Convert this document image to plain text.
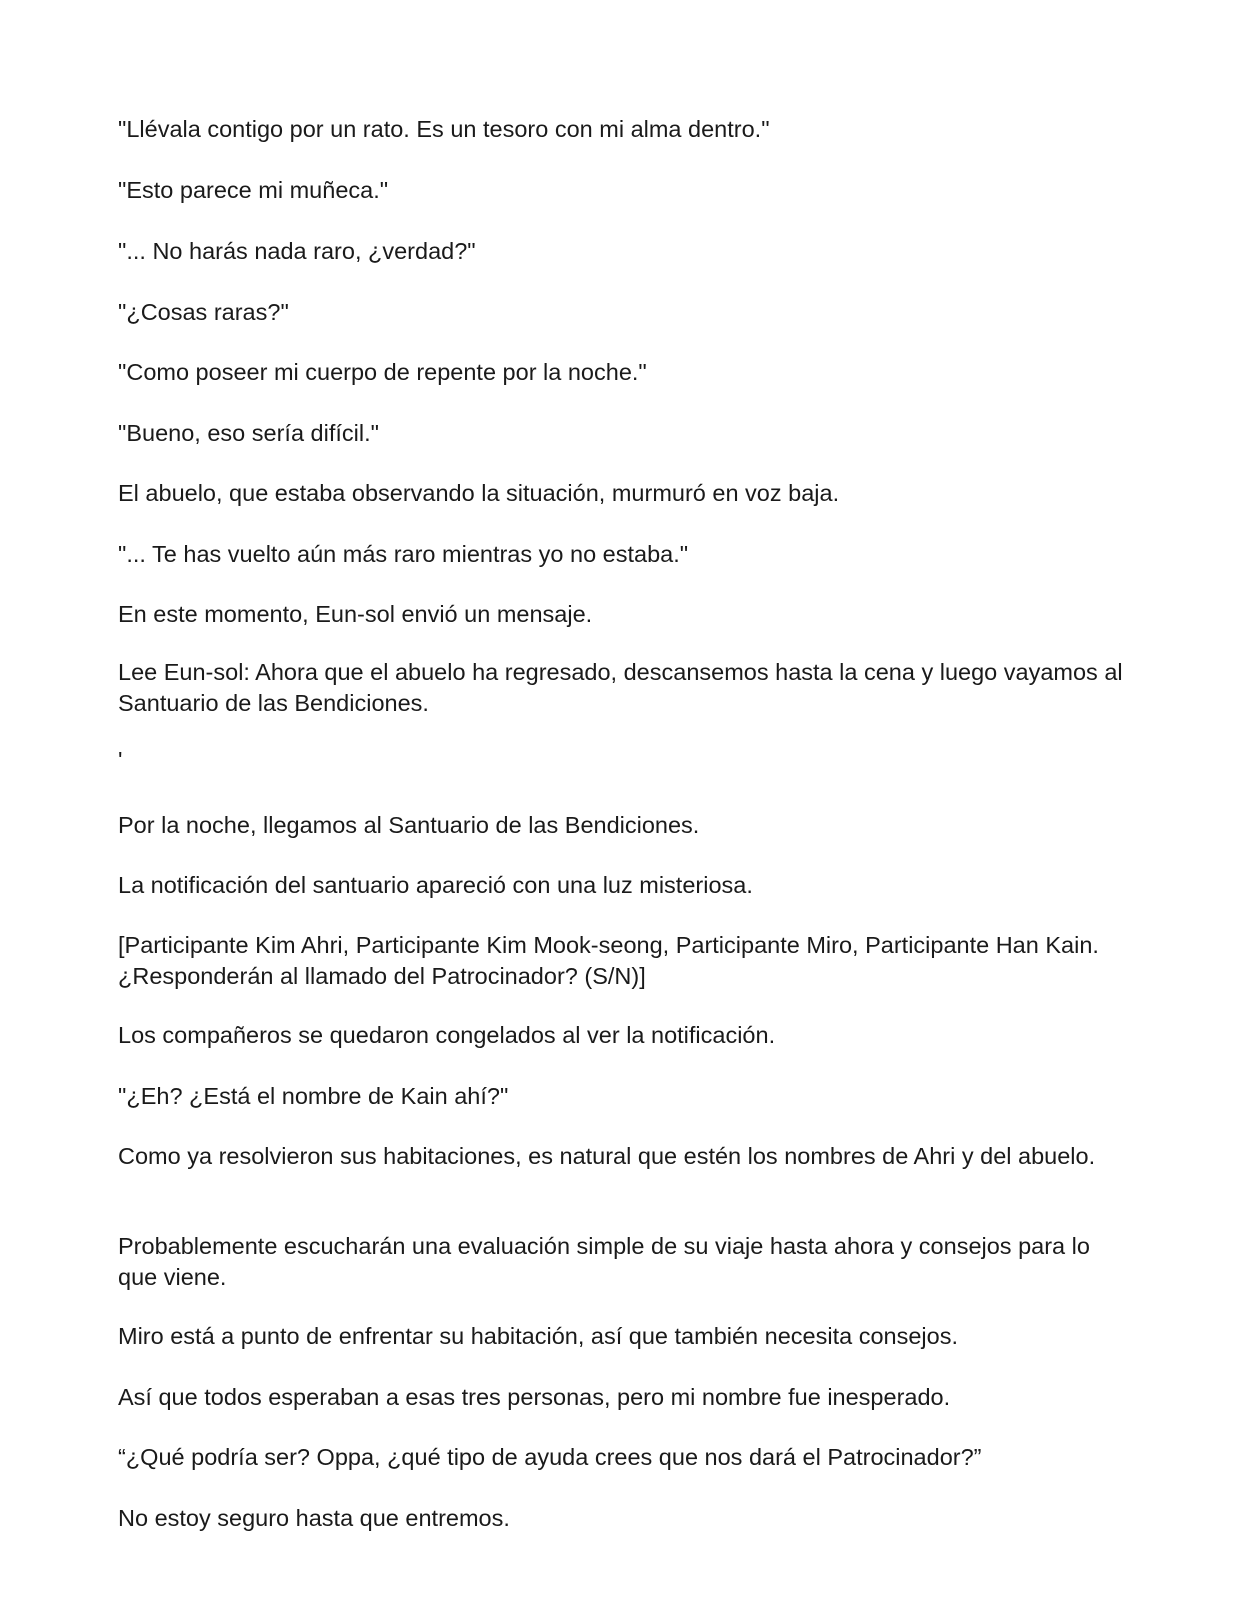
"Llévala contigo por un rato. Es un tesoro con mi alma dentro."

"Esto parece mi muñeca."

"... No harás nada raro, ¿verdad?"

"¿Cosas raras?"

"Como poseer mi cuerpo de repente por la noche."

"Bueno, eso sería difícil."

El abuelo, que estaba observando la situación, murmuró en voz baja.

"... Te has vuelto aún más raro mientras yo no estaba."

En este momento, Eun-sol envió un mensaje.

Lee Eun-sol: Ahora que el abuelo ha regresado, descansemos hasta la cena y luego vayamos al Santuario de las Bendiciones.

'

Por la noche, llegamos al Santuario de las Bendiciones.

La notificación del santuario apareció con una luz misteriosa.

[Participante Kim Ahri, Participante Kim Mook-seong, Participante Miro, Participante Han Kain. ¿Responderán al llamado del Patrocinador? (S/N)]

Los compañeros se quedaron congelados al ver la notificación.

"¿Eh? ¿Está el nombre de Kain ahí?"

Como ya resolvieron sus habitaciones, es natural que estén los nombres de Ahri y del abuelo.

Probablemente escucharán una evaluación simple de su viaje hasta ahora y consejos para lo que viene.

Miro está a punto de enfrentar su habitación, así que también necesita consejos.

Así que todos esperaban a esas tres personas, pero mi nombre fue inesperado.

“¿Qué podría ser? Oppa, ¿qué tipo de ayuda crees que nos dará el Patrocinador?”

No estoy seguro hasta que entremos.
